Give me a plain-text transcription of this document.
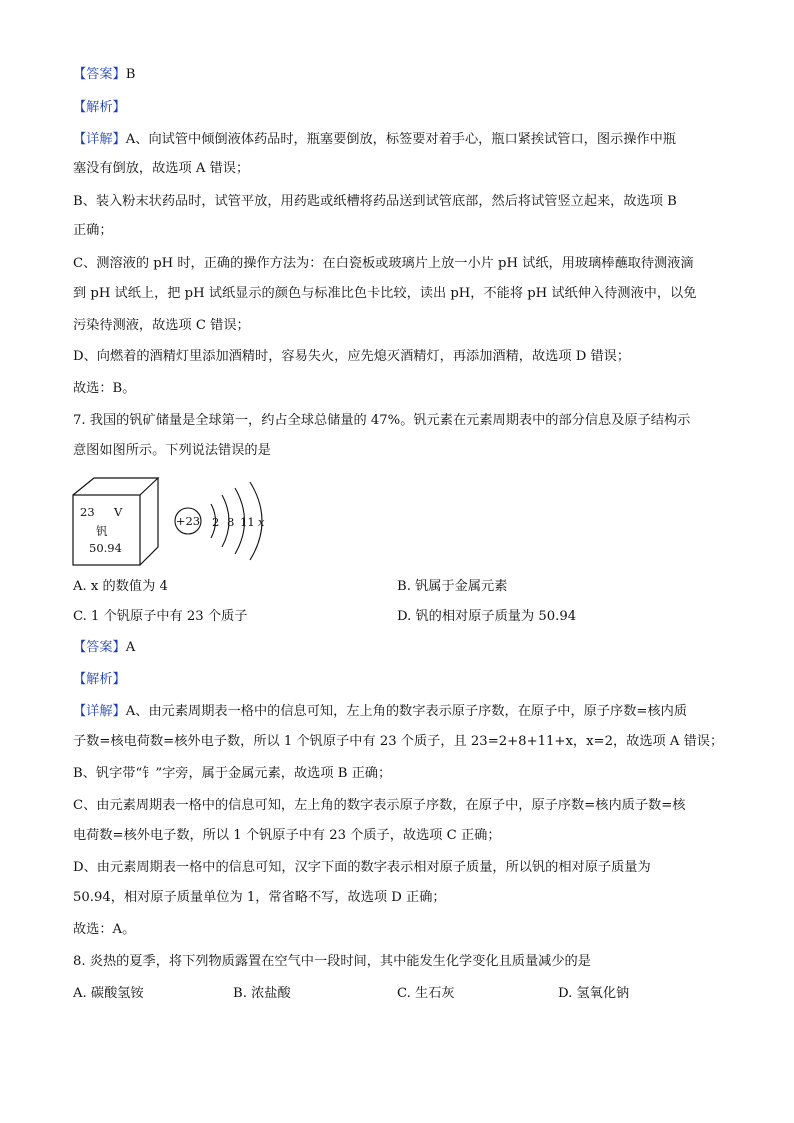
【答案】B
【解析】
【详解】A、向试管中倾倒液体药品时，瓶塞要倒放，标签要对着手心，瓶口紧挨试管口，图示操作中瓶
塞没有倒放，故选项 A 错误；
B、装入粉末状药品时，试管平放，用药匙或纸槽将药品送到试管底部，然后将试管竖立起来，故选项 B
正确；
C、测溶液的 pH 时，正确的操作方法为：在白瓷板或玻璃片上放一小片 pH 试纸，用玻璃棒蘸取待测液滴
到 pH 试纸上，把 pH 试纸显示的颜色与标准比色卡比较，读出 pH，不能将 pH 试纸伸入待测液中，以免
污染待测液，故选项 C 错误；
D、向燃着的酒精灯里添加酒精时，容易失火，应先熄灭酒精灯，再添加酒精，故选项 D 错误；
故选：B。
7. 我国的钒矿储量是全球第一，约占全球总储量的 47%。钒元素在元素周期表中的部分信息及原子结构示
意图如图所示。下列说法错误的是
23 V
钒
50.94
+23 2 8 11 x
A. x 的数值为 4	B. 钒属于金属元素
C. 1 个钒原子中有 23 个质子	D. 钒的相对原子质量为 50.94
【答案】A
【解析】
【详解】A、由元素周期表一格中的信息可知，左上角的数字表示原子序数，在原子中，原子序数=核内质
子数=核电荷数=核外电子数，所以 1 个钒原子中有 23 个质子，且 23=2+8+11+x，x=2，故选项 A 错误；
B、钒字带“钅”字旁，属于金属元素，故选项 B 正确；
C、由元素周期表一格中的信息可知，左上角的数字表示原子序数，在原子中，原子序数=核内质子数=核
电荷数=核外电子数，所以 1 个钒原子中有 23 个质子，故选项 C 正确；
D、由元素周期表一格中的信息可知，汉字下面的数字表示相对原子质量，所以钒的相对原子质量为
50.94，相对原子质量单位为 1，常省略不写，故选项 D 正确；
故选：A。
8. 炎热的夏季，将下列物质露置在空气中一段时间，其中能发生化学变化且质量减少的是
A. 碳酸氢铵	B. 浓盐酸	C. 生石灰	D. 氢氧化钠
